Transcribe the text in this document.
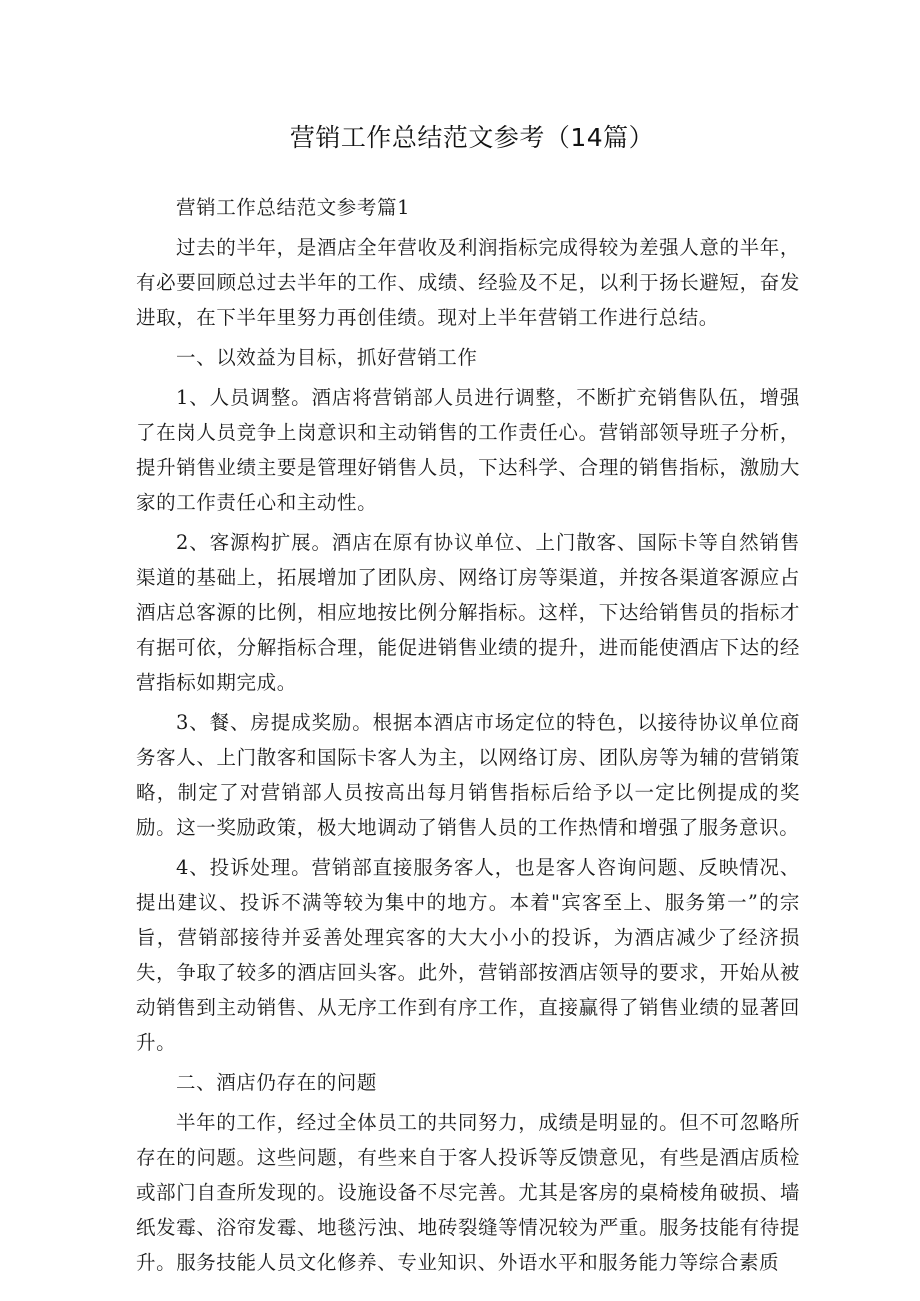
营销工作总结范文参考（14篇）

营销工作总结范文参考篇1

过去的半年，是酒店全年营收及利润指标完成得较为差强人意的半年，有必要回顾总过去半年的工作、成绩、经验及不足，以利于扬长避短，奋发进取，在下半年里努力再创佳绩。现对上半年营销工作进行总结。

一、以效益为目标，抓好营销工作

1、人员调整。酒店将营销部人员进行调整，不断扩充销售队伍，增强了在岗人员竞争上岗意识和主动销售的工作责任心。营销部领导班子分析，提升销售业绩主要是管理好销售人员，下达科学、合理的销售指标，激励大家的工作责任心和主动性。

2、客源构扩展。酒店在原有协议单位、上门散客、国际卡等自然销售渠道的基础上，拓展增加了团队房、网络订房等渠道，并按各渠道客源应占酒店总客源的比例，相应地按比例分解指标。这样，下达给销售员的指标才有据可依，分解指标合理，能促进销售业绩的提升，进而能使酒店下达的经营指标如期完成。

3、餐、房提成奖励。根据本酒店市场定位的特色，以接待协议单位商务客人、上门散客和国际卡客人为主，以网络订房、团队房等为辅的营销策略，制定了对营销部人员按高出每月销售指标后给予以一定比例提成的奖励。这一奖励政策，极大地调动了销售人员的工作热情和增强了服务意识。

4、投诉处理。营销部直接服务客人，也是客人咨询问题、反映情况、提出建议、投诉不满等较为集中的地方。本着"宾客至上、服务第一”的宗旨，营销部接待并妥善处理宾客的大大小小的投诉，为酒店减少了经济损失，争取了较多的酒店回头客。此外，营销部按酒店领导的要求，开始从被动销售到主动销售、从无序工作到有序工作，直接赢得了销售业绩的显著回升。

二、酒店仍存在的问题

半年的工作，经过全体员工的共同努力，成绩是明显的。但不可忽略所存在的问题。这些问题，有些来自于客人投诉等反馈意见，有些是酒店质检或部门自查所发现的。设施设备不尽完善。尤其是客房的桌椅棱角破损、墙纸发霉、浴帘发霉、地毯污浊、地砖裂缝等情况较为严重。服务技能有待提升。服务技能人员文化修养、专业知识、外语水平和服务能力等综合素质
